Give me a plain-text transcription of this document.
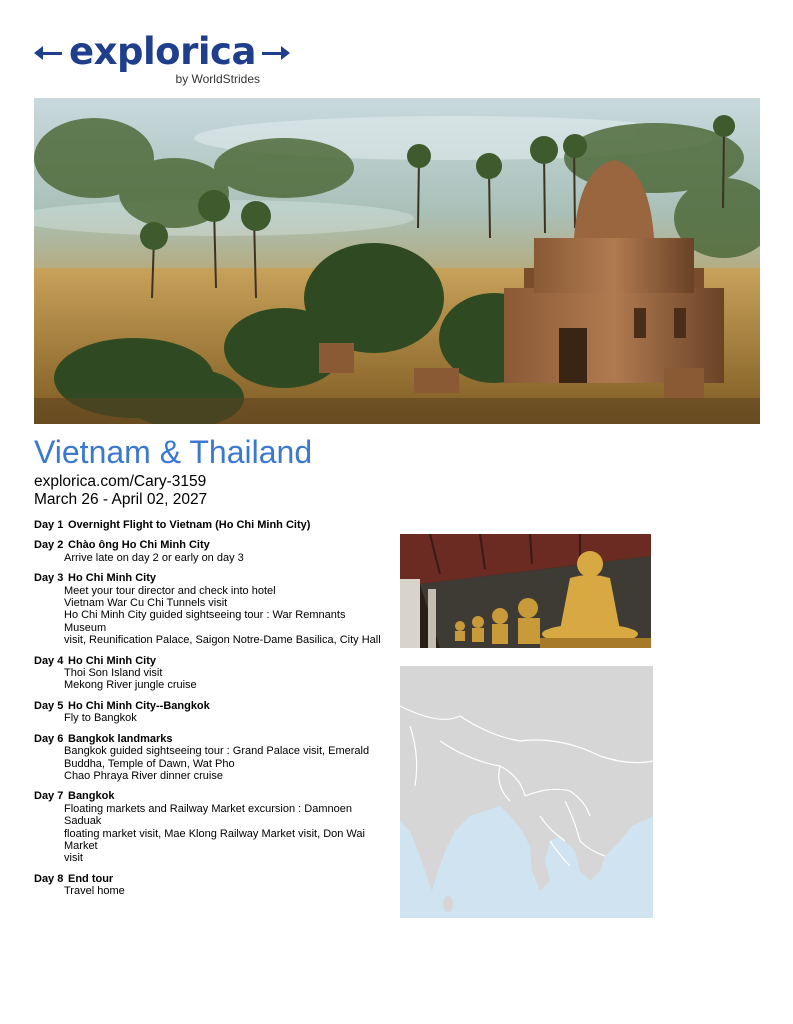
explorica
by WorldStrides
Vietnam & Thailand
explorica.com/Cary-3159
March 26 - April 02, 2027
Day 1 Overnight Flight to Vietnam (Ho Chi Minh City)
Day 2 Chào ông Ho Chi Minh City
Arrive late on day 2 or early on day 3
Day 3 Ho Chi Minh City
Meet your tour director and check into hotel
Vietnam War Cu Chi Tunnels visit
Ho Chi Minh City guided sightseeing tour : War Remnants Museum
visit, Reunification Palace, Saigon Notre-Dame Basilica, City Hall
Day 4 Ho Chi Minh City
Thoi Son Island visit
Mekong River jungle cruise
Day 5 Ho Chi Minh City--Bangkok
Fly to Bangkok
Day 6 Bangkok landmarks
Bangkok guided sightseeing tour : Grand Palace visit, Emerald
Buddha, Temple of Dawn, Wat Pho
Chao Phraya River dinner cruise
Day 7 Bangkok
Floating markets and Railway Market excursion : Damnoen Saduak
floating market visit, Mae Klong Railway Market visit, Don Wai Market
visit
Day 8 End tour
Travel home
